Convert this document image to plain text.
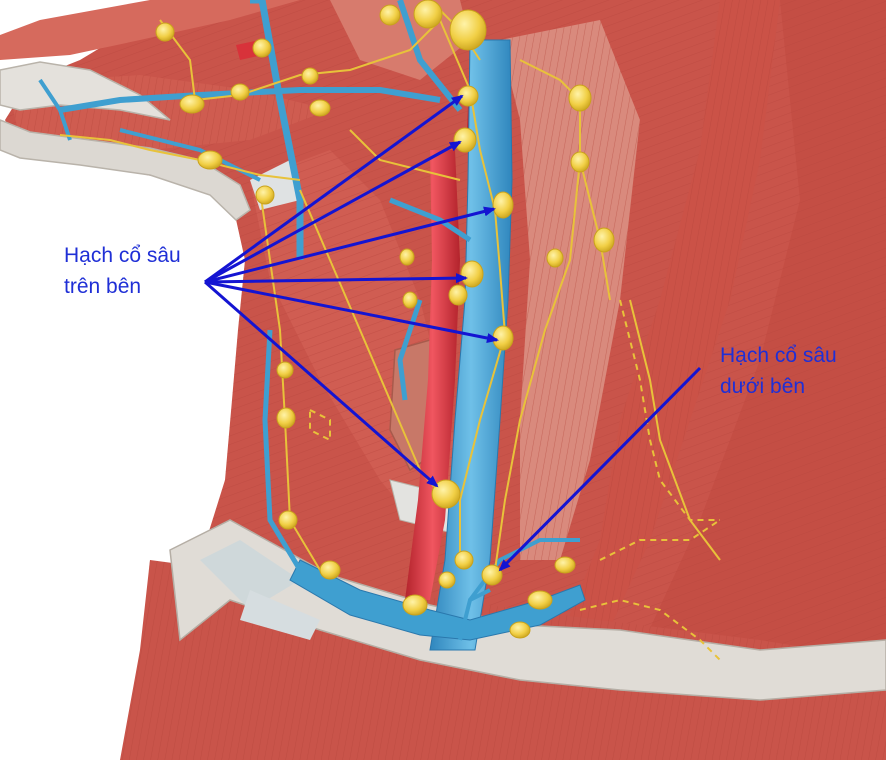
Hạch cổ sâu
trên bên
Hạch cổ sâu
dưới bên
